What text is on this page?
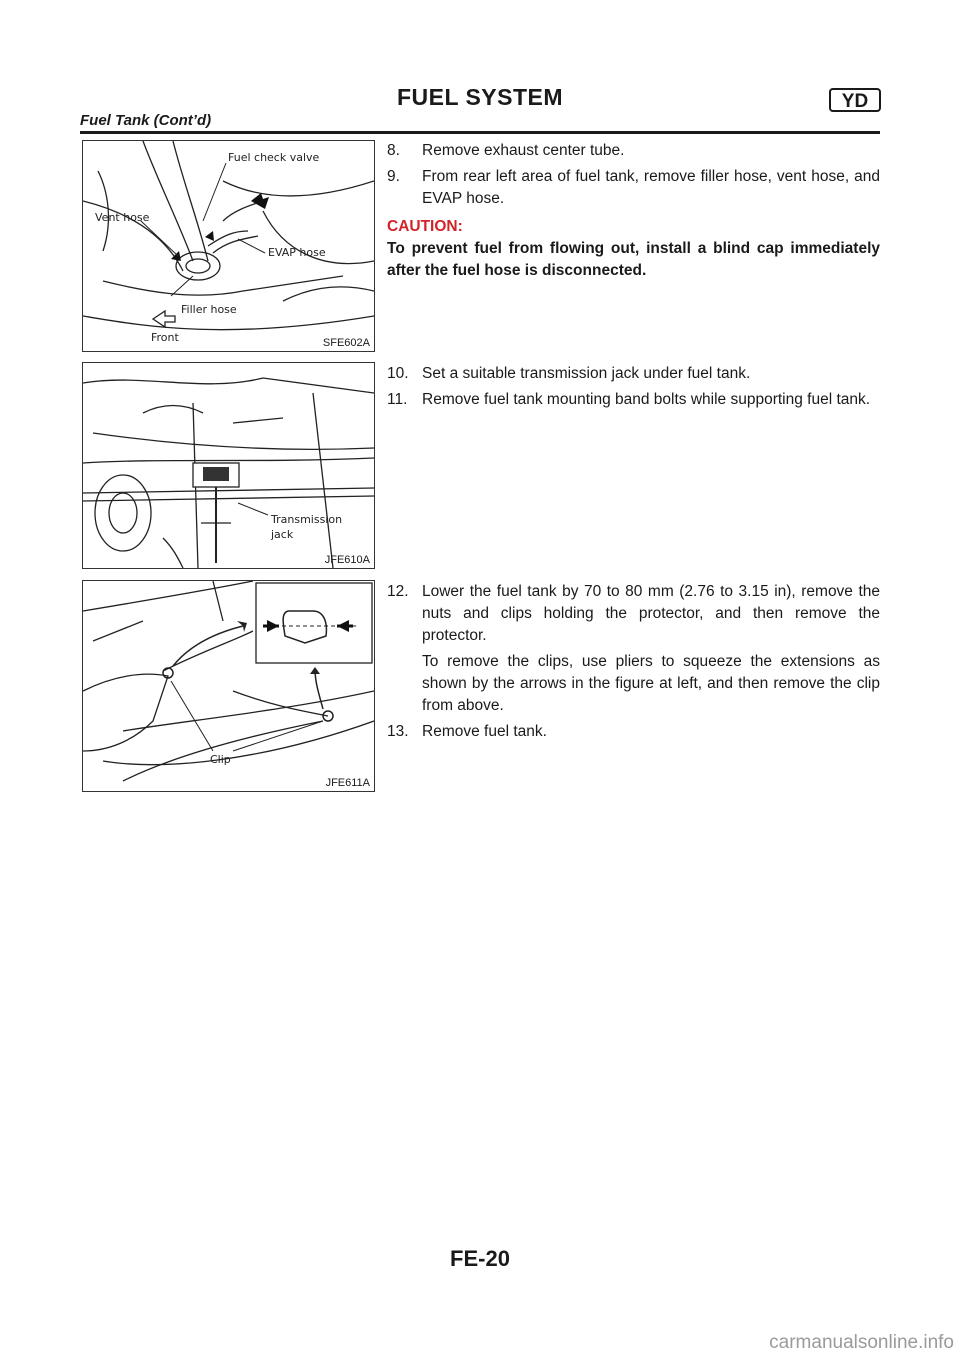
FUEL SYSTEM	YD
Fuel Tank (Cont’d)
Fuel check valve
Vent hose
EVAP hose
Filler hose
Front	SFE602A
Transmission
jack
JFE610A
Clip
JFE611A
8. Remove exhaust center tube.

9. From rear left area of fuel tank, remove filler hose, vent hose, and EVAP hose.

CAUTION:
To prevent fuel from flowing out, install a blind cap immediately after the fuel hose is disconnected.
10. Set a suitable transmission jack under fuel tank.

11. Remove fuel tank mounting band bolts while supporting fuel tank.

12. Lower the fuel tank by 70 to 80 mm (2.76 to 3.15 in), remove the nuts and clips holding the protector, and then remove the protector.

To remove the clips, use pliers to squeeze the extensions as shown by the arrows in the figure at left, and then remove the clip from above.

13. Remove fuel tank.

FE-20
carmanualsonline.info
